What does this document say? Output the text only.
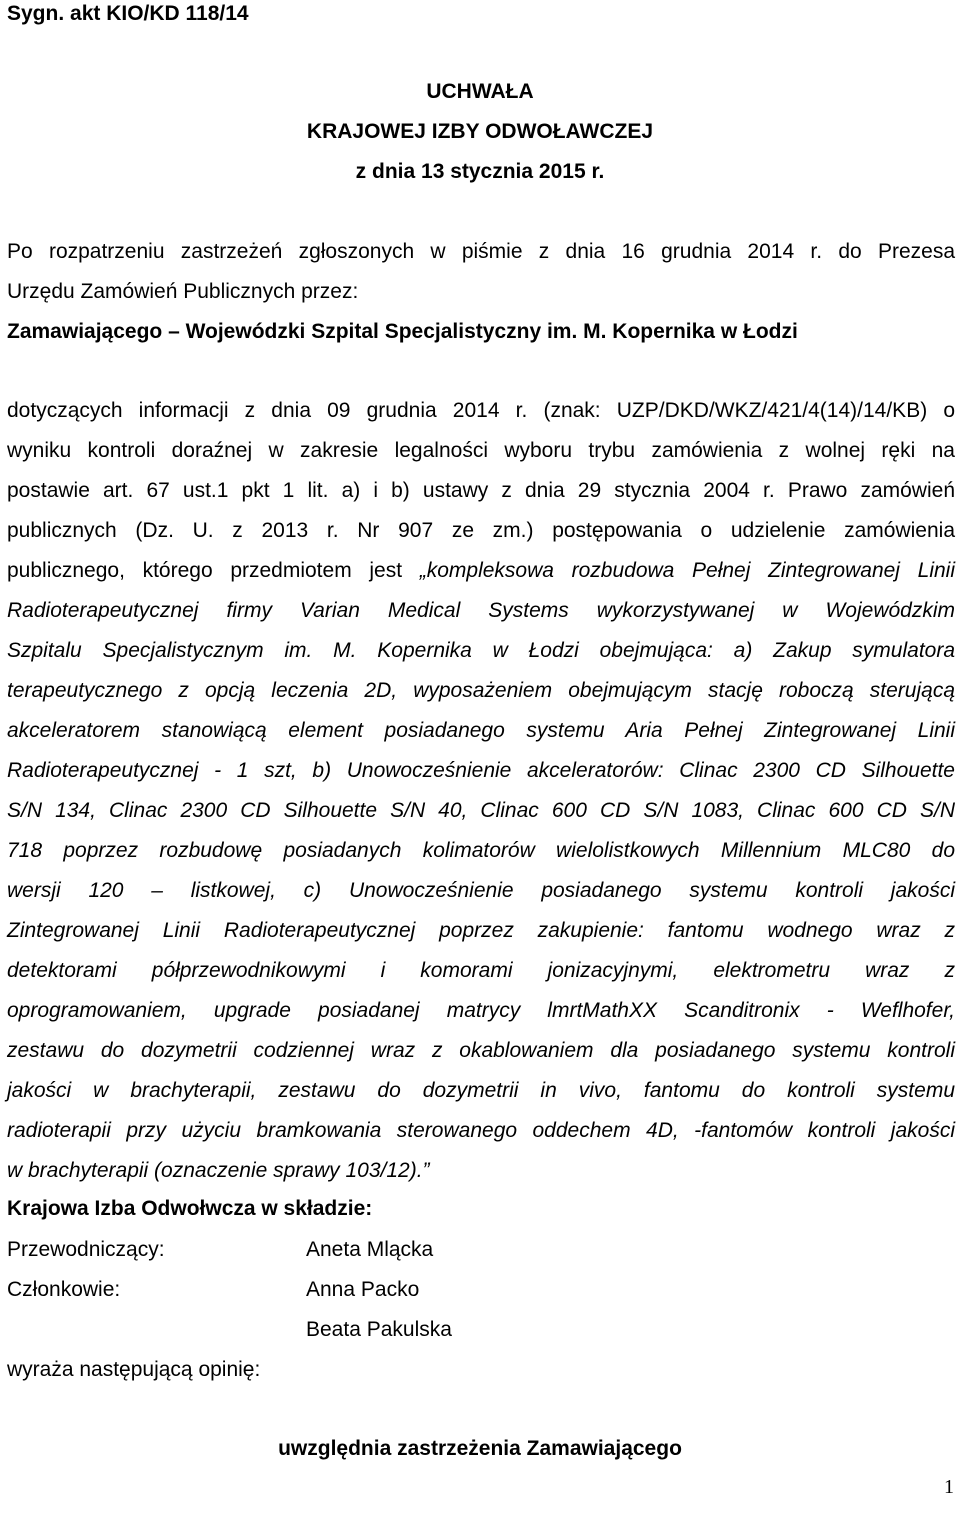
Sygn. akt KIO/KD 118/14
UCHWAŁA
KRAJOWEJ IZBY ODWOŁAWCZEJ
z dnia 13 stycznia 2015 r.
Po rozpatrzeniu zastrzeżeń zgłoszonych w piśmie z dnia 16 grudnia 2014 r. do Prezesa
Urzędu Zamówień Publicznych przez:
Zamawiającego – Wojewódzki Szpital Specjalistyczny im. M. Kopernika w Łodzi
dotyczących informacji z dnia 09 grudnia 2014 r. (znak: UZP/DKD/WKZ/421/4(14)/14/KB) o
wyniku kontroli doraźnej w zakresie legalności wyboru trybu zamówienia z wolnej ręki na
postawie art. 67 ust.1 pkt 1 lit. a) i b) ustawy z dnia 29 stycznia 2004 r. Prawo zamówień
publicznych (Dz. U. z 2013 r. Nr 907 ze zm.) postępowania o udzielenie zamówienia
publicznego, którego przedmiotem jest „kompleksowa rozbudowa Pełnej Zintegrowanej Linii
Radioterapeutycznej firmy Varian Medical Systems wykorzystywanej w Wojewódzkim
Szpitalu Specjalistycznym im. M. Kopernika w Łodzi obejmująca: a) Zakup symulatora
terapeutycznego z opcją leczenia 2D, wyposażeniem obejmującym stację roboczą sterującą
akceleratorem stanowiącą element posiadanego systemu Aria Pełnej Zintegrowanej Linii
Radioterapeutycznej - 1 szt, b) Unowocześnienie akceleratorów: Clinac 2300 CD Silhouette
S/N 134, Clinac 2300 CD Silhouette S/N 40, Clinac 600 CD S/N 1083, Clinac 600 CD S/N
718 poprzez rozbudowę posiadanych kolimatorów wielolistkowych Millennium MLC80 do
wersji 120 – listkowej, c) Unowocześnienie posiadanego systemu kontroli jakości
Zintegrowanej Linii Radioterapeutycznej poprzez zakupienie: fantomu wodnego wraz z
detektorami półprzewodnikowymi i komorami jonizacyjnymi, elektrometru wraz z
oprogramowaniem, upgrade posiadanej matrycy lmrtMathXX Scanditronix - Weflhofer,
zestawu do dozymetrii codziennej wraz z okablowaniem dla posiadanego systemu kontroli
jakości w brachyterapii, zestawu do dozymetrii in vivo, fantomu do kontroli systemu
radioterapii przy użyciu bramkowania sterowanego oddechem 4D, -fantomów kontroli jakości
w brachyterapii (oznaczenie sprawy 103/12).”
Krajowa Izba Odwołwcza w składzie:
Przewodniczący:	Aneta Mlącka
Członkowie:	Anna Packo
Beata Pakulska
wyraża następującą opinię:
uwzględnia zastrzeżenia Zamawiającego
1
